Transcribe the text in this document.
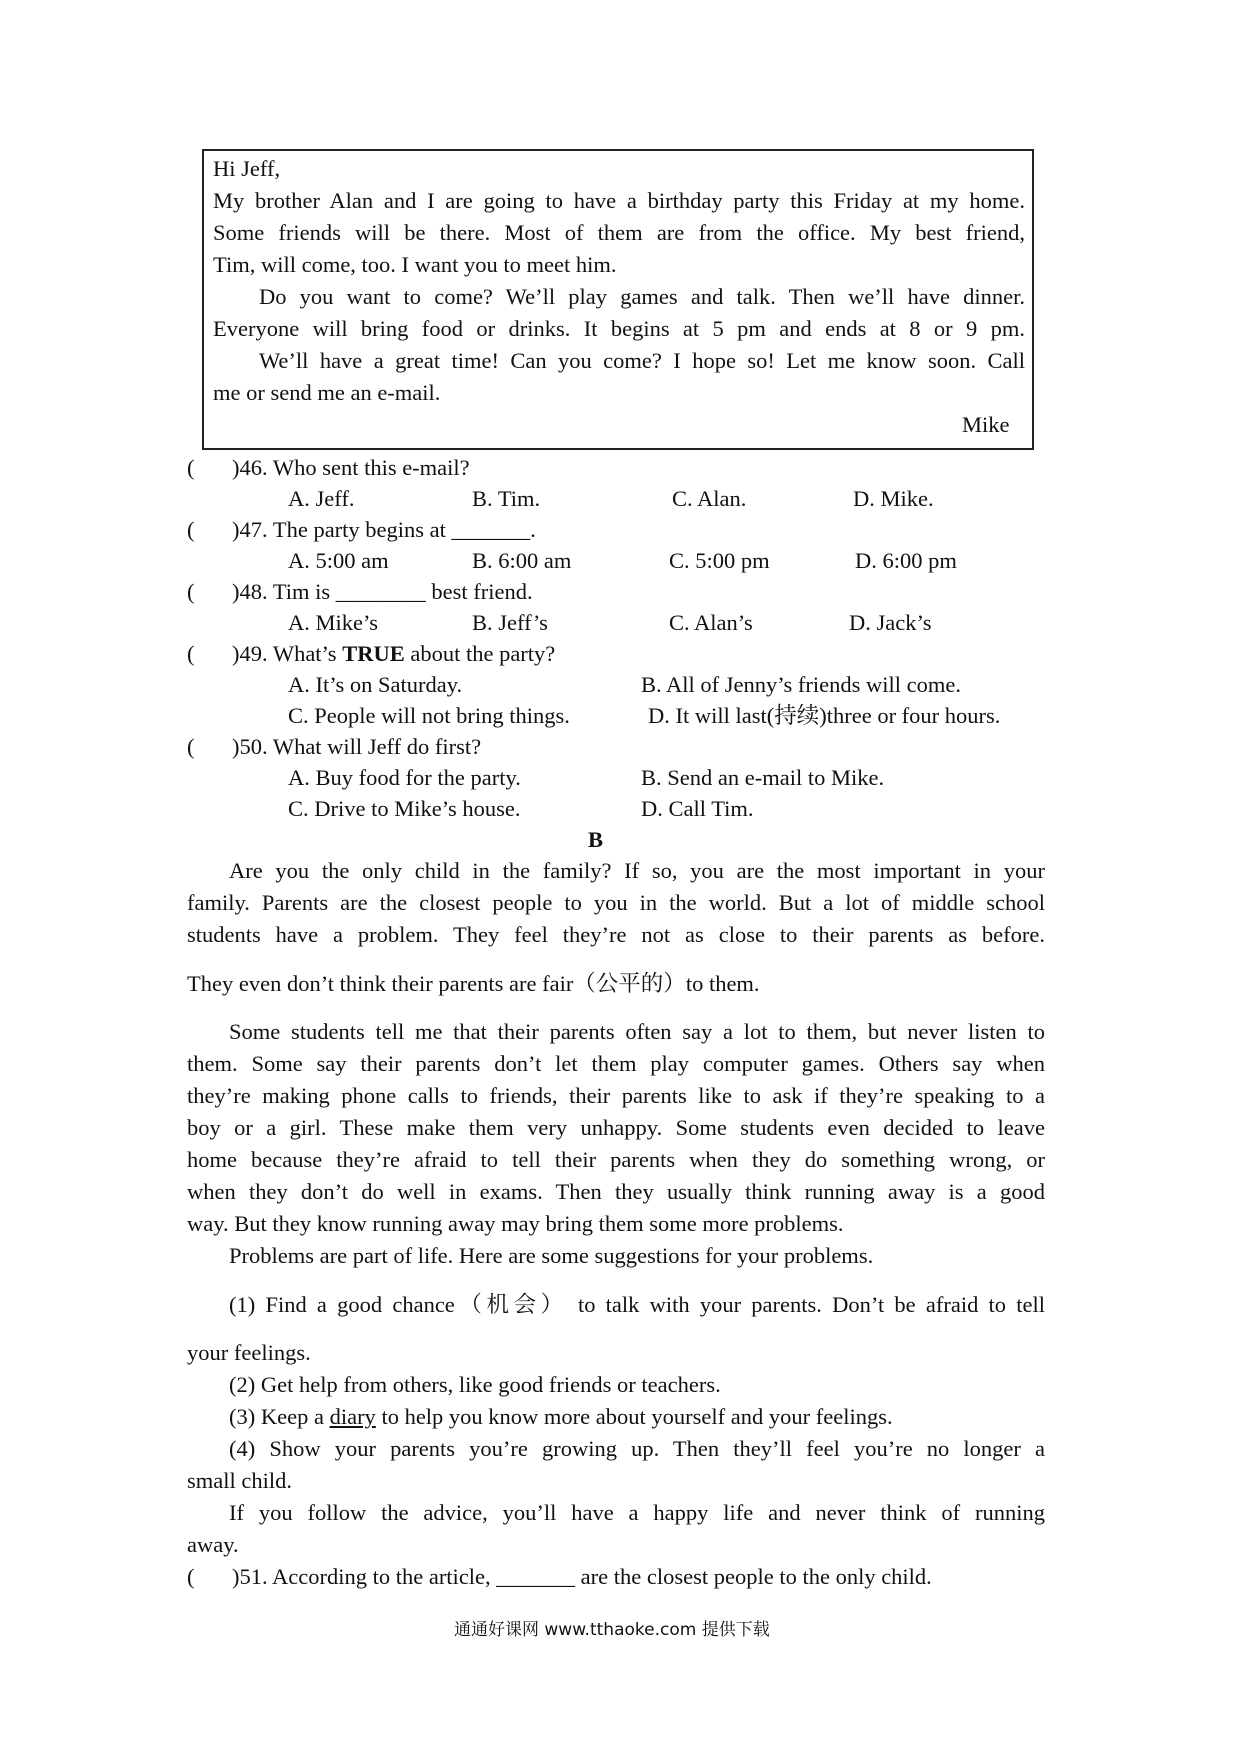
Hi Jeff,
My brother Alan and I are going to have a birthday party this Friday at my home.
Some friends will be there. Most of them are from the office. My best friend,
Tim, will come, too. I want you to meet him.
Do you want to come? We’ll play games and talk. Then we’ll have dinner.
Everyone will bring food or drinks. It begins at 5 pm and ends at 8 or 9 pm.
We’ll have a great time! Can you come? I hope so! Let me know soon. Call
me or send me an e-mail.
Mike
( )46. Who sent this e-mail?
A. Jeff.	B. Tim.	C. Alan.	D. Mike.
( )47. The party begins at _______.
A. 5:00 am	B. 6:00 am	C. 5:00 pm	D. 6:00 pm
( )48. Tim is ________ best friend.
A. Mike’s	B. Jeff’s	C. Alan’s	D. Jack’s
( )49. What’s TRUE about the party?
A. It’s on Saturday.	B. All of Jenny’s friends will come.
C. People will not bring things.	D. It will last(持续)three or four hours.
( )50. What will Jeff do first?
A. Buy food for the party.	B. Send an e-mail to Mike.
C. Drive to Mike’s house.	D. Call Tim.
B
Are you the only child in the family? If so, you are the most important in your
family. Parents are the closest people to you in the world. But a lot of middle school
students have a problem. They feel they’re not as close to their parents as before.
They even don’t think their parents are fair（公平的）to them.
Some students tell me that their parents often say a lot to them, but never listen to
them. Some say their parents don’t let them play computer games. Others say when
they’re making phone calls to friends, their parents like to ask if they’re speaking to a
boy or a girl. These make them very unhappy. Some students even decided to leave
home because they’re afraid to tell their parents when they do something wrong, or
when they don’t do well in exams. Then they usually think running away is a good
way. But they know running away may bring them some more problems.
Problems are part of life. Here are some suggestions for your problems.
(1) Find a good chance（机会） to talk with your parents. Don’t be afraid to tell
your feelings.
(2) Get help from others, like good friends or teachers.
(3) Keep a diary to help you know more about yourself and your feelings.
(4) Show your parents you’re growing up. Then they’ll feel you’re no longer a
small child.
If you follow the advice, you’ll have a happy life and never think of running
away.
( )51. According to the article, _______ are the closest people to the only child.
通通好课网 www.tthaoke.com 提供下载
